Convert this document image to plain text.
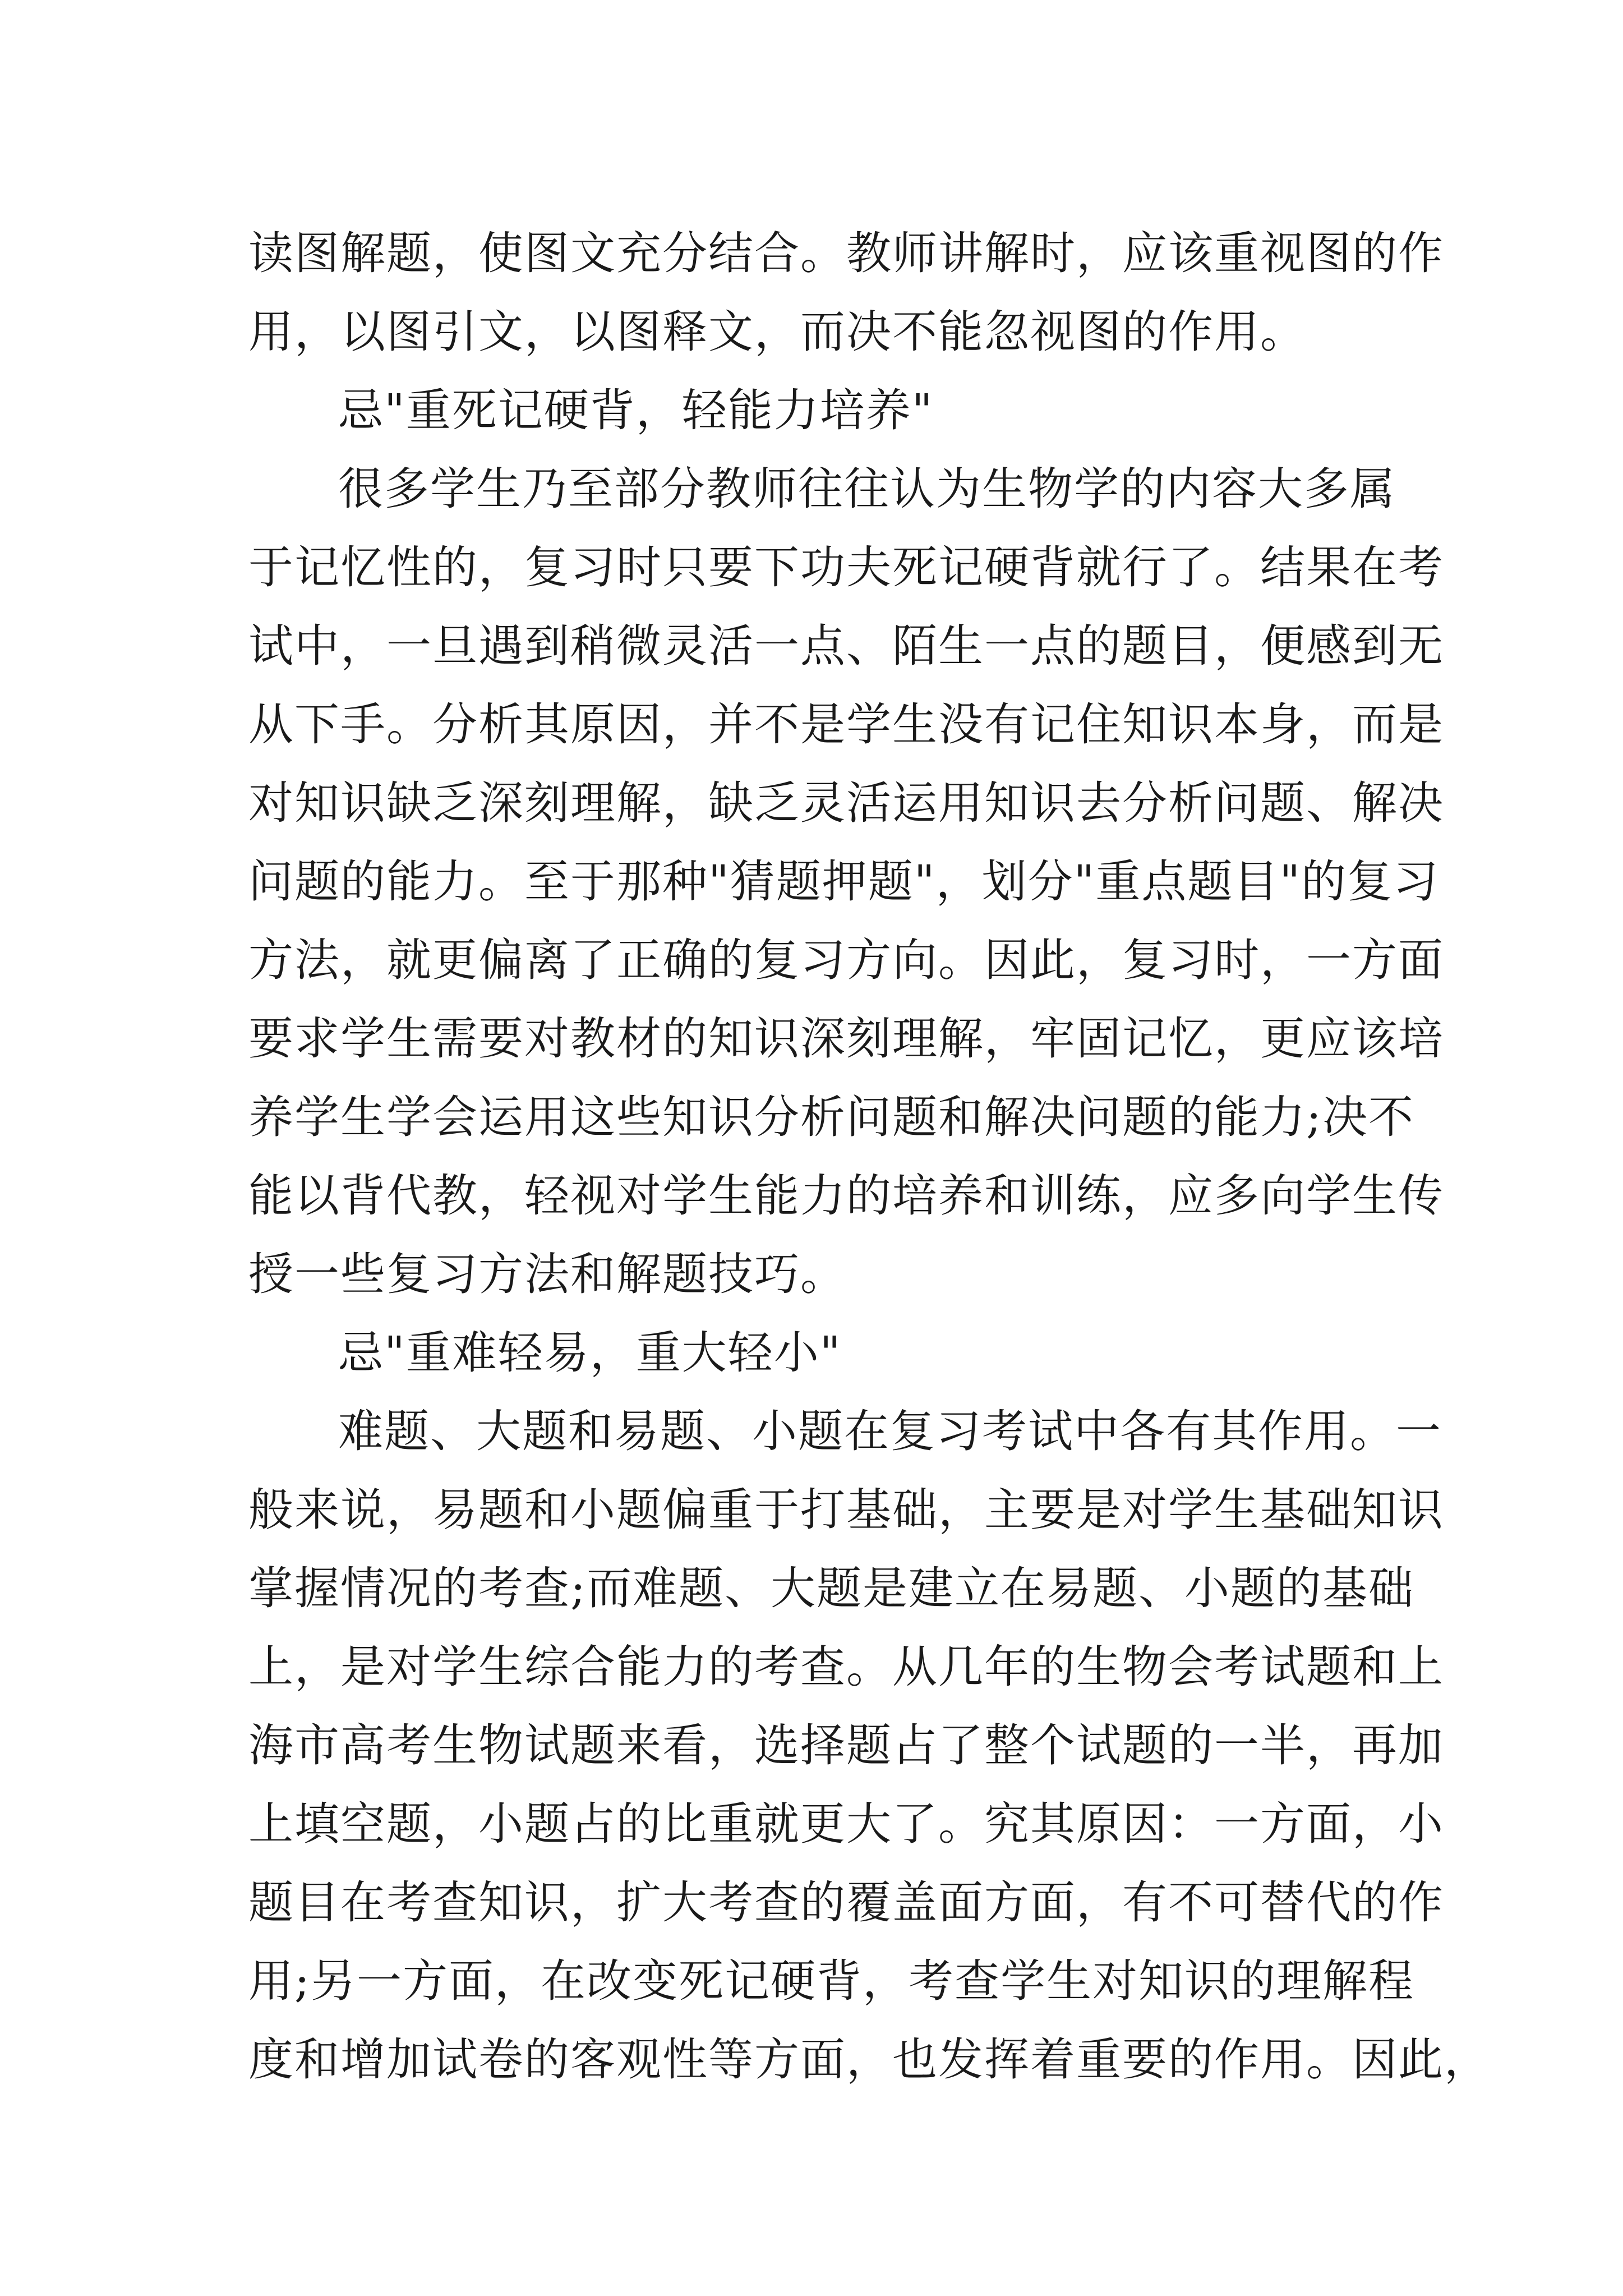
读图解题，使图文充分结合。教师讲解时，应该重视图的作
用，以图引文，以图释文，而决不能忽视图的作用。
忌"重死记硬背，轻能力培养"
很多学生乃至部分教师往往认为生物学的内容大多属
于记忆性的，复习时只要下功夫死记硬背就行了。结果在考
试中，一旦遇到稍微灵活一点、陌生一点的题目，便感到无
从下手。分析其原因，并不是学生没有记住知识本身，而是
对知识缺乏深刻理解，缺乏灵活运用知识去分析问题、解决
问题的能力。至于那种"猜题押题"，划分"重点题目"的复习
方法，就更偏离了正确的复习方向。因此，复习时，一方面
要求学生需要对教材的知识深刻理解，牢固记忆，更应该培
养学生学会运用这些知识分析问题和解决问题的能力;决不
能以背代教，轻视对学生能力的培养和训练，应多向学生传
授一些复习方法和解题技巧。
忌"重难轻易，重大轻小"
难题、大题和易题、小题在复习考试中各有其作用。一
般来说，易题和小题偏重于打基础，主要是对学生基础知识
掌握情况的考查;而难题、大题是建立在易题、小题的基础
上，是对学生综合能力的考查。从几年的生物会考试题和上
海市高考生物试题来看，选择题占了整个试题的一半，再加
上填空题，小题占的比重就更大了。究其原因：一方面，小
题目在考查知识，扩大考查的覆盖面方面，有不可替代的作
用;另一方面，在改变死记硬背，考查学生对知识的理解程
度和增加试卷的客观性等方面，也发挥着重要的作用。因此，
